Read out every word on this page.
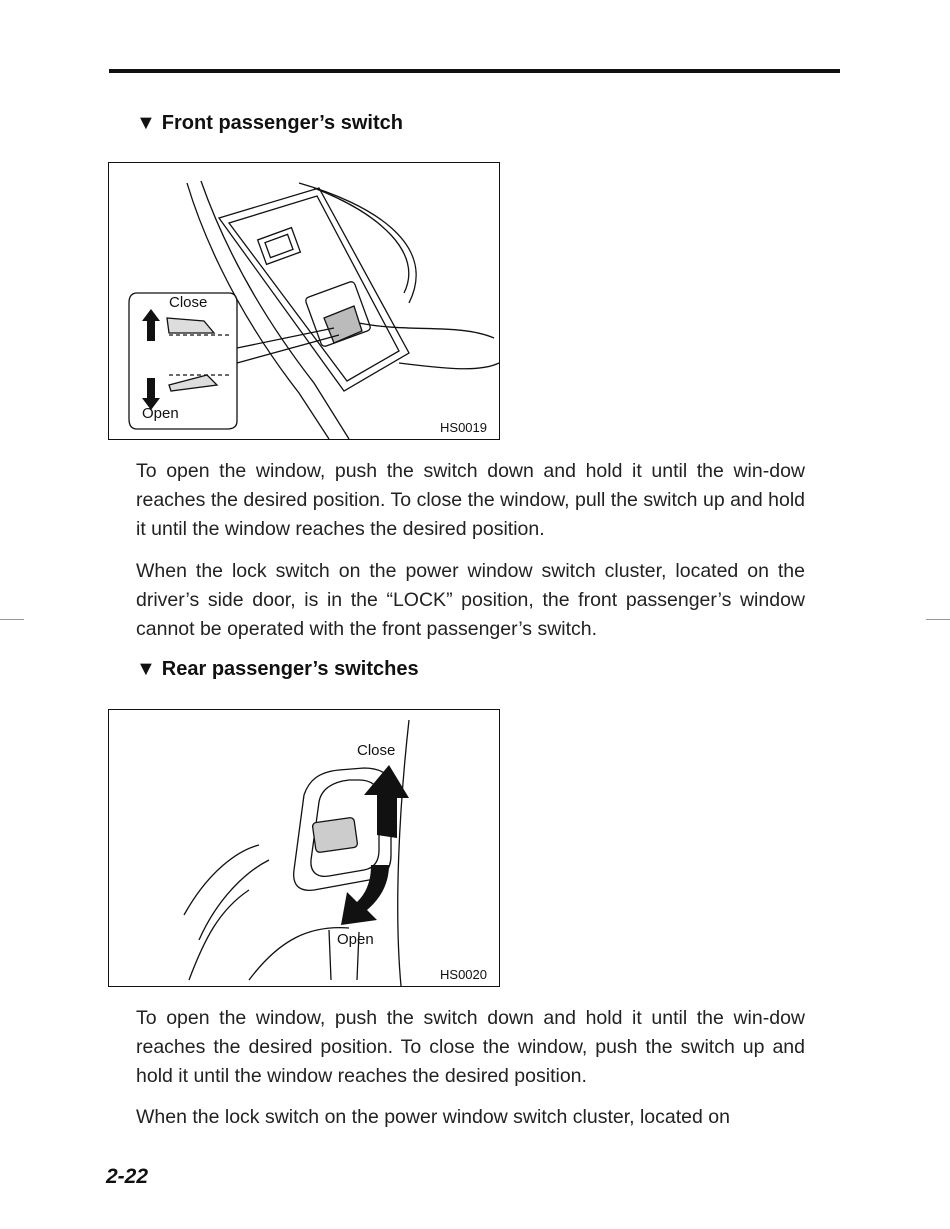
▼ Front passenger’s switch
Close
Open
HS0019

To open the window, push the switch down and hold it until the win-dow reaches the desired position. To close the window, pull the switch up and hold it until the window reaches the desired position.

When the lock switch on the power window switch cluster, located on the driver’s side door, is in the “LOCK” position, the front passenger’s window cannot be operated with the front passenger’s switch.

▼ Rear passenger’s switches
Close
Open
HS0020

To open the window, push the switch down and hold it until the win-dow reaches the desired position. To close the window, push the switch up and hold it until the window reaches the desired position.

When the lock switch on the power window switch cluster, located on

2-22
